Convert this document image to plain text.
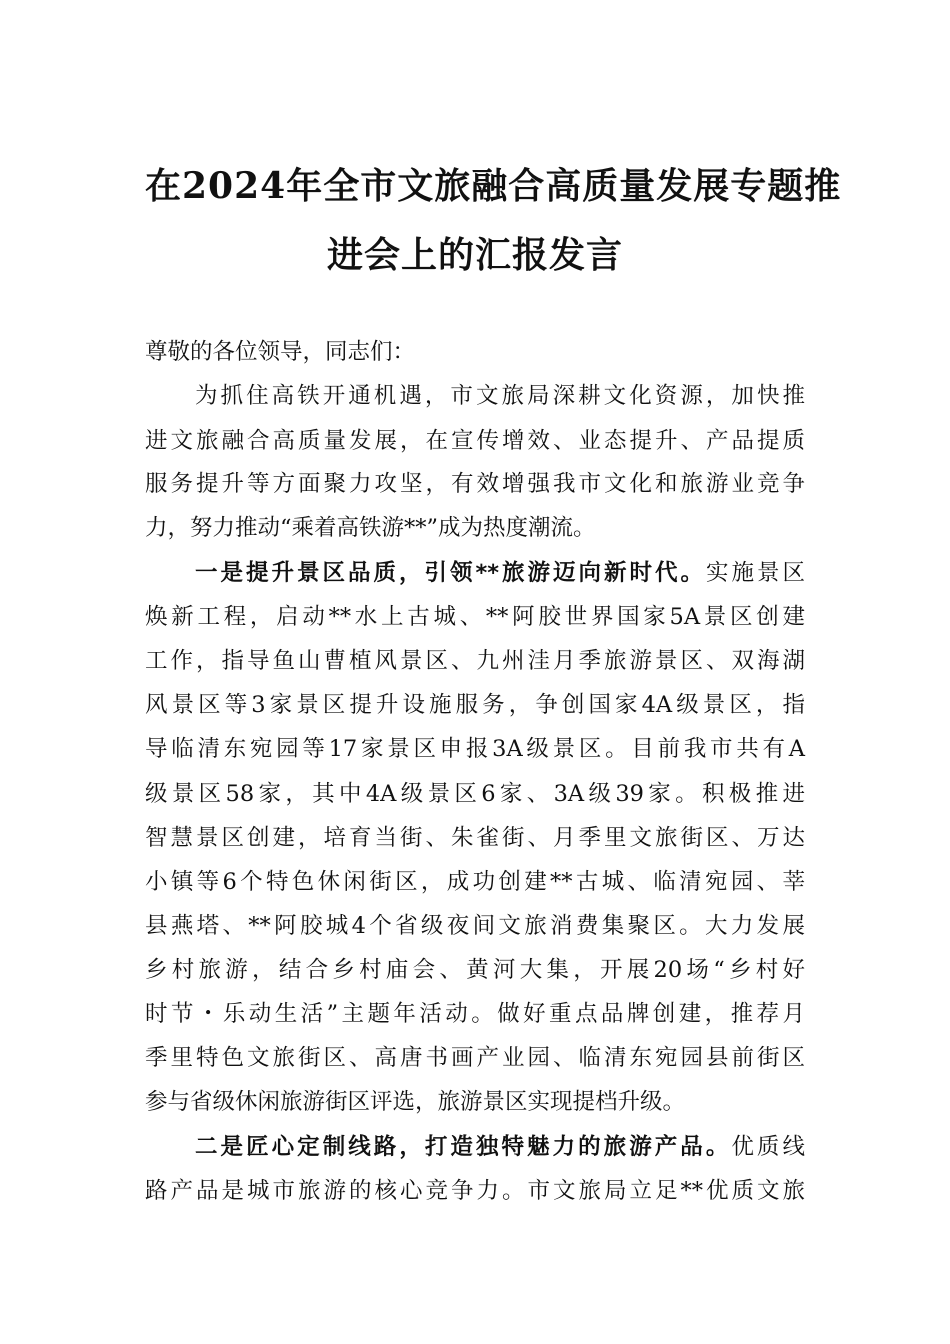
在2024年全市文旅融合高质量发展专题推
进会上的汇报发言
尊敬的各位领导，同志们：
为抓住高铁开通机遇，市文旅局深耕文化资源，加快推
进文旅融合高质量发展，在宣传增效、业态提升、产品提质
服务提升等方面聚力攻坚，有效增强我市文化和旅游业竞争
力，努力推动“乘着高铁游**”成为热度潮流。
一是提升景区品质，引领**旅游迈向新时代。实施景区
焕新工程，启动**水上古城、**阿胶世界国家5A景区创建
工作，指导鱼山曹植风景区、九州洼月季旅游景区、双海湖
风景区等3家景区提升设施服务，争创国家4A级景区，指
导临清东宛园等17家景区申报3A级景区。目前我市共有A
级景区58家，其中4A级景区6家、3A级39家。积极推进
智慧景区创建，培育当街、朱雀街、月季里文旅街区、万达
小镇等6个特色休闲街区，成功创建**古城、临清宛园、莘
县燕塔、**阿胶城4个省级夜间文旅消费集聚区。大力发展
乡村旅游，结合乡村庙会、黄河大集，开展20场“乡村好
时节・乐动生活”主题年活动。做好重点品牌创建，推荐月
季里特色文旅街区、高唐书画产业园、临清东宛园县前街区
参与省级休闲旅游街区评选，旅游景区实现提档升级。
二是匠心定制线路，打造独特魅力的旅游产品。优质线
路产品是城市旅游的核心竞争力。市文旅局立足**优质文旅
